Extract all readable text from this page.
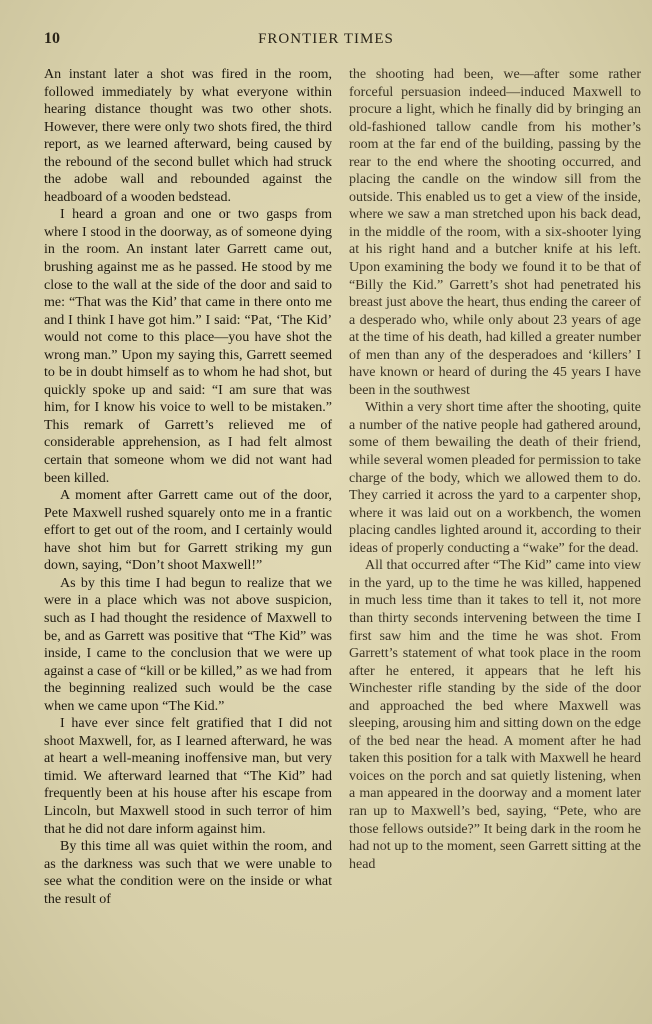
10	FRONTIER TIMES

An instant later a shot was fired in the room, followed immediately by what everyone within hearing distance thought was two other shots. However, there were only two shots fired, the third report, as we learned afterward, being caused by the rebound of the second bullet which had struck the adobe wall and rebounded against the headboard of a wooden bedstead.

I heard a groan and one or two gasps from where I stood in the doorway, as of someone dying in the room. An instant later Garrett came out, brushing against me as he passed. He stood by me close to the wall at the side of the door and said to me: “That was the Kid’ that came in there onto me and I think I have got him.” I said: “Pat, ‘The Kid’ would not come to this place—you have shot the wrong man.” Upon my saying this, Garrett seemed to be in doubt himself as to whom he had shot, but quickly spoke up and said: “I am sure that was him, for I know his voice to well to be mistaken.” This remark of Garrett’s relieved me of considerable apprehension, as I had felt almost certain that someone whom we did not want had been killed.

A moment after Garrett came out of the door, Pete Maxwell rushed squarely onto me in a frantic effort to get out of the room, and I certainly would have shot him but for Garrett striking my gun down, saying, “Don’t shoot Maxwell!”

As by this time I had begun to realize that we were in a place which was not above suspicion, such as I had thought the residence of Maxwell to be, and as Garrett was positive that “The Kid” was inside, I came to the conclusion that we were up against a case of “kill or be killed,” as we had from the beginning realized such would be the case when we came upon “The Kid.”

I have ever since felt gratified that I did not shoot Maxwell, for, as I learned afterward, he was at heart a well-meaning inoffensive man, but very timid. We afterward learned that “The Kid” had frequently been at his house after his escape from Lincoln, but Maxwell stood in such terror of him that he did not dare inform against him.

By this time all was quiet within the room, and as the darkness was such that we were unable to see what the condition were on the inside or what the result of

the shooting had been, we—after some rather forceful persuasion indeed—induced Maxwell to procure a light, which he finally did by bringing an old-fashioned tallow candle from his mother’s room at the far end of the building, passing by the rear to the end where the shooting occurred, and placing the candle on the window sill from the outside. This enabled us to get a view of the inside, where we saw a man stretched upon his back dead, in the middle of the room, with a six-shooter lying at his right hand and a butcher knife at his left. Upon examining the body we found it to be that of “Billy the Kid.” Garrett’s shot had penetrated his breast just above the heart, thus ending the career of a desperado who, while only about 23 years of age at the time of his death, had killed a greater number of men than any of the desperadoes and ‘killers’ I have known or heard of during the 45 years I have been in the southwest

Within a very short time after the shooting, quite a number of the native people had gathered around, some of them bewailing the death of their friend, while several women pleaded for permission to take charge of the body, which we allowed them to do. They carried it across the yard to a carpenter shop, where it was laid out on a workbench, the women placing candles lighted around it, according to their ideas of properly conducting a “wake” for the dead.

All that occurred after “The Kid” came into view in the yard, up to the time he was killed, happened in much less time than it takes to tell it, not more than thirty seconds intervening between the time I first saw him and the time he was shot. From Garrett’s statement of what took place in the room after he entered, it appears that he left his Winchester rifle standing by the side of the door and approached the bed where Maxwell was sleeping, arousing him and sitting down on the edge of the bed near the head. A moment after he had taken this position for a talk with Maxwell he heard voices on the porch and sat quietly listening, when a man appeared in the doorway and a moment later ran up to Maxwell’s bed, saying, “Pete, who are those fellows outside?” It being dark in the room he had not up to the moment, seen Garrett sitting at the head
